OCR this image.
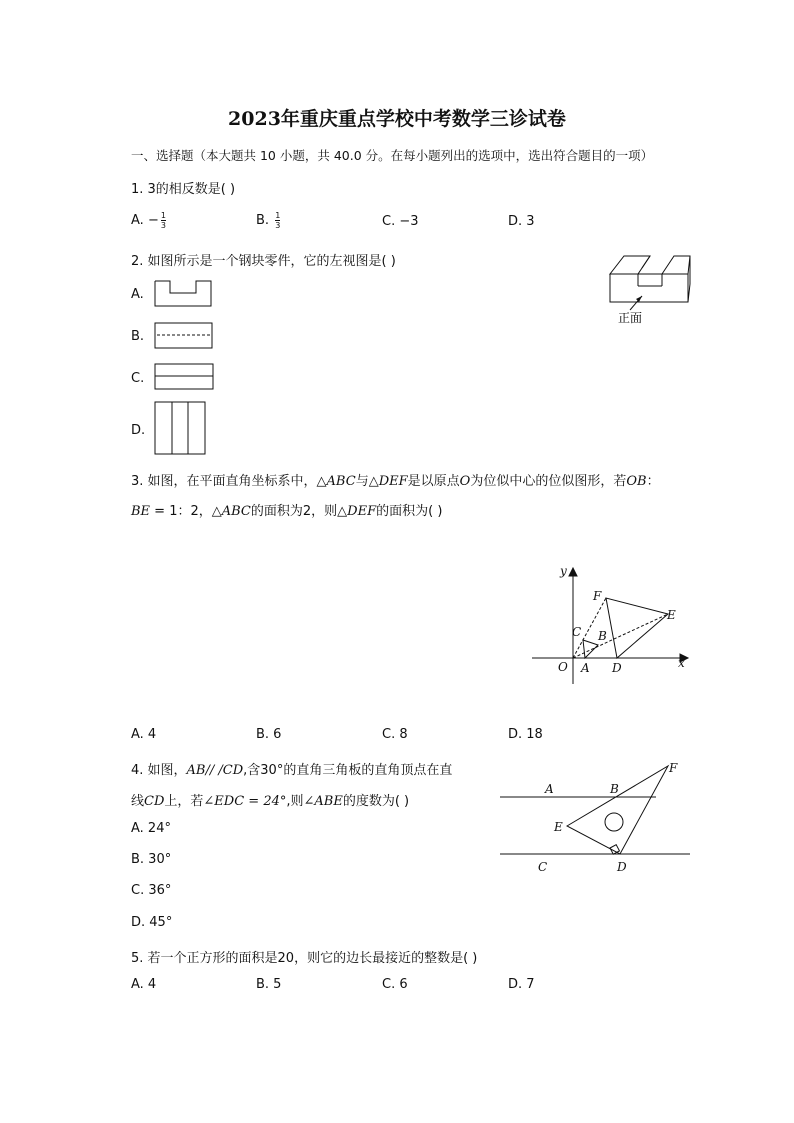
2023年重庆重点学校中考数学三诊试卷
一、选择题（本大题共 10 小题，共 40.0 分。在每小题列出的选项中，选出符合题目的一项）
1. 3的相反数是( )
A. − $\frac{1}{3}$	B. $\frac{1}{3}$	C. −3	D. 3
2. 如图所示是一个钢块零件，它的左视图是( )
正面
A.
B.
C.
D.
3. 如图，在平面直角坐标系中，△ABC与△DEF是以原点O为位似中心的位似图形，若OB：
BE = 1：2，△ABC的面积为2，则△DEF的面积为( )
y
x
O A
B
C
D
E
F
A. 4	B. 6	C. 8	D. 18
4. 如图，AB// /CD,含30°的直角三角板的直角顶点在直
线CD上，若∠EDC = 24°,则∠ABE的度数为( )
A	B
C	D
E
F
A. 24°
B. 30°
C. 36°
D. 45°
5. 若一个正方形的面积是20，则它的边长最接近的整数是( )
A. 4	B. 5	C. 6	D. 7
